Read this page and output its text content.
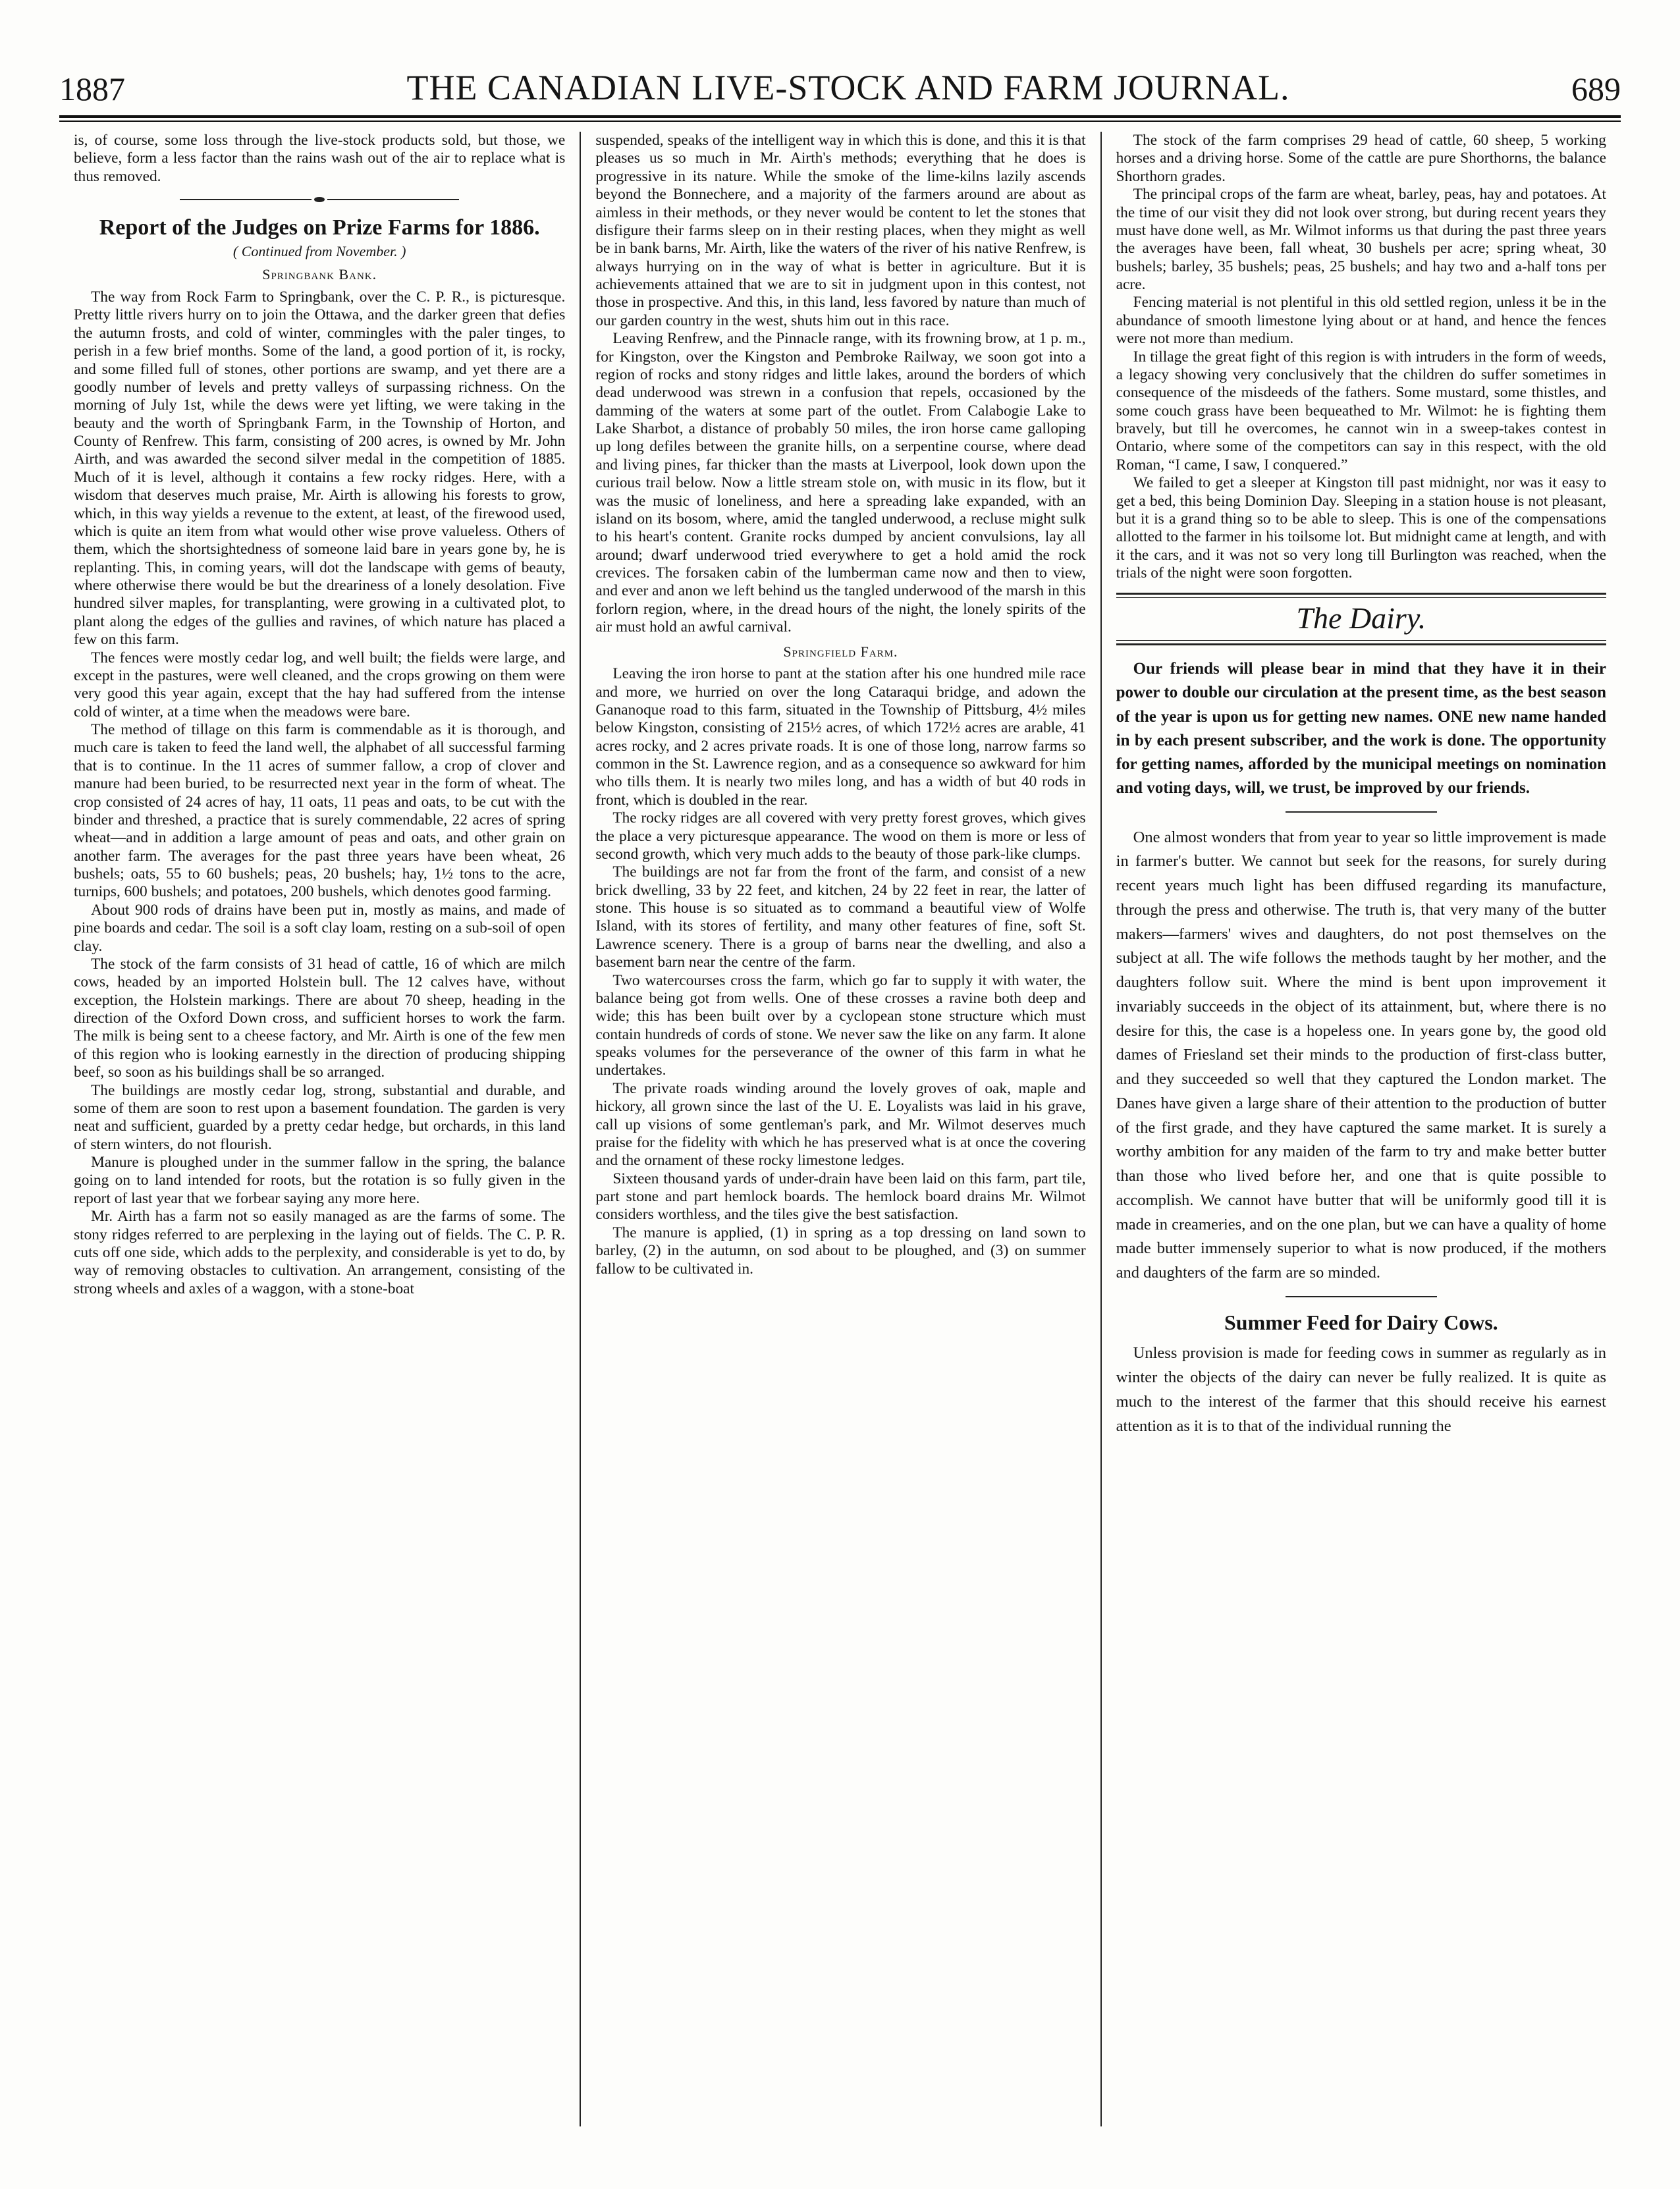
1887	THE CANADIAN LIVE-STOCK AND FARM JOURNAL.	689

is, of course, some loss through the live-stock products sold, but those, we believe, form a less factor than the rains wash out of the air to replace what is thus removed.

Report of the Judges on Prize Farms for 1886.
( Continued from November. )
Springbank Bank.

The way from Rock Farm to Springbank, over the C. P. R., is picturesque. Pretty little rivers hurry on to join the Ottawa, and the darker green that defies the autumn frosts, and cold of winter, commingles with the paler tinges, to perish in a few brief months. Some of the land, a good portion of it, is rocky, and some filled full of stones, other portions are swamp, and yet there are a goodly number of levels and pretty valleys of surpassing richness. On the morning of July 1st, while the dews were yet lifting, we were taking in the beauty and the worth of Springbank Farm, in the Township of Horton, and County of Renfrew. This farm, consisting of 200 acres, is owned by Mr. John Airth, and was awarded the second silver medal in the competition of 1885. Much of it is level, although it contains a few rocky ridges. Here, with a wisdom that deserves much praise, Mr. Airth is allowing his forests to grow, which, in this way yields a revenue to the extent, at least, of the firewood used, which is quite an item from what would other wise prove valueless. Others of them, which the shortsightedness of someone laid bare in years gone by, he is replanting. This, in coming years, will dot the landscape with gems of beauty, where otherwise there would be but the dreariness of a lonely desolation. Five hundred silver maples, for transplanting, were growing in a cultivated plot, to plant along the edges of the gullies and ravines, of which nature has placed a few on this farm.

The fences were mostly cedar log, and well built; the fields were large, and except in the pastures, were well cleaned, and the crops growing on them were very good this year again, except that the hay had suffered from the intense cold of winter, at a time when the meadows were bare.

The method of tillage on this farm is commendable as it is thorough, and much care is taken to feed the land well, the alphabet of all successful farming that is to continue. In the 11 acres of summer fallow, a crop of clover and manure had been buried, to be resurrected next year in the form of wheat. The crop consisted of 24 acres of hay, 11 oats, 11 peas and oats, to be cut with the binder and threshed, a practice that is surely commendable, 22 acres of spring wheat—and in addition a large amount of peas and oats, and other grain on another farm. The averages for the past three years have been wheat, 26 bushels; oats, 55 to 60 bushels; peas, 20 bushels; hay, 1½ tons to the acre, turnips, 600 bushels; and potatoes, 200 bushels, which denotes good farming.

About 900 rods of drains have been put in, mostly as mains, and made of pine boards and cedar. The soil is a soft clay loam, resting on a sub-soil of open clay.

The stock of the farm consists of 31 head of cattle, 16 of which are milch cows, headed by an imported Holstein bull. The 12 calves have, without exception, the Holstein markings. There are about 70 sheep, heading in the direction of the Oxford Down cross, and sufficient horses to work the farm. The milk is being sent to a cheese factory, and Mr. Airth is one of the few men of this region who is looking earnestly in the direction of producing shipping beef, so soon as his buildings shall be so arranged.

The buildings are mostly cedar log, strong, substantial and durable, and some of them are soon to rest upon a basement foundation. The garden is very neat and sufficient, guarded by a pretty cedar hedge, but orchards, in this land of stern winters, do not flourish.

Manure is ploughed under in the summer fallow in the spring, the balance going on to land intended for roots, but the rotation is so fully given in the report of last year that we forbear saying any more here.

Mr. Airth has a farm not so easily managed as are the farms of some. The stony ridges referred to are perplexing in the laying out of fields. The C. P. R. cuts off one side, which adds to the perplexity, and considerable is yet to do, by way of removing obstacles to cultivation. An arrangement, consisting of the strong wheels and axles of a waggon, with a stone-boat

suspended, speaks of the intelligent way in which this is done, and this it is that pleases us so much in Mr. Airth's methods; everything that he does is progressive in its nature. While the smoke of the lime-kilns lazily ascends beyond the Bonnechere, and a majority of the farmers around are about as aimless in their methods, or they never would be content to let the stones that disfigure their farms sleep on in their resting places, when they might as well be in bank barns, Mr. Airth, like the waters of the river of his native Renfrew, is always hurrying on in the way of what is better in agriculture. But it is achievements attained that we are to sit in judgment upon in this contest, not those in prospective. And this, in this land, less favored by nature than much of our garden country in the west, shuts him out in this race.

Leaving Renfrew, and the Pinnacle range, with its frowning brow, at 1 p. m., for Kingston, over the Kingston and Pembroke Railway, we soon got into a region of rocks and stony ridges and little lakes, around the borders of which dead underwood was strewn in a confusion that repels, occasioned by the damming of the waters at some part of the outlet. From Calabogie Lake to Lake Sharbot, a distance of probably 50 miles, the iron horse came galloping up long defiles between the granite hills, on a serpentine course, where dead and living pines, far thicker than the masts at Liverpool, look down upon the curious trail below. Now a little stream stole on, with music in its flow, but it was the music of loneliness, and here a spreading lake expanded, with an island on its bosom, where, amid the tangled underwood, a recluse might sulk to his heart's content. Granite rocks dumped by ancient convulsions, lay all around; dwarf underwood tried everywhere to get a hold amid the rock crevices. The forsaken cabin of the lumberman came now and then to view, and ever and anon we left behind us the tangled underwood of the marsh in this forlorn region, where, in the dread hours of the night, the lonely spirits of the air must hold an awful carnival.

Springfield Farm.

Leaving the iron horse to pant at the station after his one hundred mile race and more, we hurried on over the long Cataraqui bridge, and adown the Gananoque road to this farm, situated in the Township of Pittsburg, 4½ miles below Kingston, consisting of 215½ acres, of which 172½ acres are arable, 41 acres rocky, and 2 acres private roads. It is one of those long, narrow farms so common in the St. Lawrence region, and as a consequence so awkward for him who tills them. It is nearly two miles long, and has a width of but 40 rods in front, which is doubled in the rear.

The rocky ridges are all covered with very pretty forest groves, which gives the place a very picturesque appearance. The wood on them is more or less of second growth, which very much adds to the beauty of those park-like clumps.

The buildings are not far from the front of the farm, and consist of a new brick dwelling, 33 by 22 feet, and kitchen, 24 by 22 feet in rear, the latter of stone. This house is so situated as to command a beautiful view of Wolfe Island, with its stores of fertility, and many other features of fine, soft St. Lawrence scenery. There is a group of barns near the dwelling, and also a basement barn near the centre of the farm.

Two watercourses cross the farm, which go far to supply it with water, the balance being got from wells. One of these crosses a ravine both deep and wide; this has been built over by a cyclopean stone structure which must contain hundreds of cords of stone. We never saw the like on any farm. It alone speaks volumes for the perseverance of the owner of this farm in what he undertakes.

The private roads winding around the lovely groves of oak, maple and hickory, all grown since the last of the U. E. Loyalists was laid in his grave, call up visions of some gentleman's park, and Mr. Wilmot deserves much praise for the fidelity with which he has preserved what is at once the covering and the ornament of these rocky limestone ledges.

Sixteen thousand yards of under-drain have been laid on this farm, part tile, part stone and part hemlock boards. The hemlock board drains Mr. Wilmot considers worthless, and the tiles give the best satisfaction.

The manure is applied, (1) in spring as a top dressing on land sown to barley, (2) in the autumn, on sod about to be ploughed, and (3) on summer fallow to be cultivated in.

The stock of the farm comprises 29 head of cattle, 60 sheep, 5 working horses and a driving horse. Some of the cattle are pure Shorthorns, the balance Shorthorn grades.

The principal crops of the farm are wheat, barley, peas, hay and potatoes. At the time of our visit they did not look over strong, but during recent years they must have done well, as Mr. Wilmot informs us that during the past three years the averages have been, fall wheat, 30 bushels per acre; spring wheat, 30 bushels; barley, 35 bushels; peas, 25 bushels; and hay two and a-half tons per acre.

Fencing material is not plentiful in this old settled region, unless it be in the abundance of smooth limestone lying about or at hand, and hence the fences were not more than medium.

In tillage the great fight of this region is with intruders in the form of weeds, a legacy showing very conclusively that the children do suffer sometimes in consequence of the misdeeds of the fathers. Some mustard, some thistles, and some couch grass have been bequeathed to Mr. Wilmot: he is fighting them bravely, but till he overcomes, he cannot win in a sweep-takes contest in Ontario, where some of the competitors can say in this respect, with the old Roman, “I came, I saw, I conquered.”

We failed to get a sleeper at Kingston till past midnight, nor was it easy to get a bed, this being Dominion Day. Sleeping in a station house is not pleasant, but it is a grand thing so to be able to sleep. This is one of the compensations allotted to the farmer in his toilsome lot. But midnight came at length, and with it the cars, and it was not so very long till Burlington was reached, when the trials of the night were soon forgotten.

The Dairy.

Our friends will please bear in mind that they have it in their power to double our circulation at the present time, as the best season of the year is upon us for getting new names. ONE new name handed in by each present subscriber, and the work is done. The opportunity for getting names, afforded by the municipal meetings on nomination and voting days, will, we trust, be improved by our friends.

One almost wonders that from year to year so little improvement is made in farmer's butter. We cannot but seek for the reasons, for surely during recent years much light has been diffused regarding its manufacture, through the press and otherwise. The truth is, that very many of the butter makers—farmers' wives and daughters, do not post themselves on the subject at all. The wife follows the methods taught by her mother, and the daughters follow suit. Where the mind is bent upon improvement it invariably succeeds in the object of its attainment, but, where there is no desire for this, the case is a hopeless one. In years gone by, the good old dames of Friesland set their minds to the production of first-class butter, and they succeeded so well that they captured the London market. The Danes have given a large share of their attention to the production of butter of the first grade, and they have captured the same market. It is surely a worthy ambition for any maiden of the farm to try and make better butter than those who lived before her, and one that is quite possible to accomplish. We cannot have butter that will be uniformly good till it is made in creameries, and on the one plan, but we can have a quality of home made butter immensely superior to what is now produced, if the mothers and daughters of the farm are so minded.

Summer Feed for Dairy Cows.

Unless provision is made for feeding cows in summer as regularly as in winter the objects of the dairy can never be fully realized. It is quite as much to the interest of the farmer that this should receive his earnest attention as it is to that of the individual running the
